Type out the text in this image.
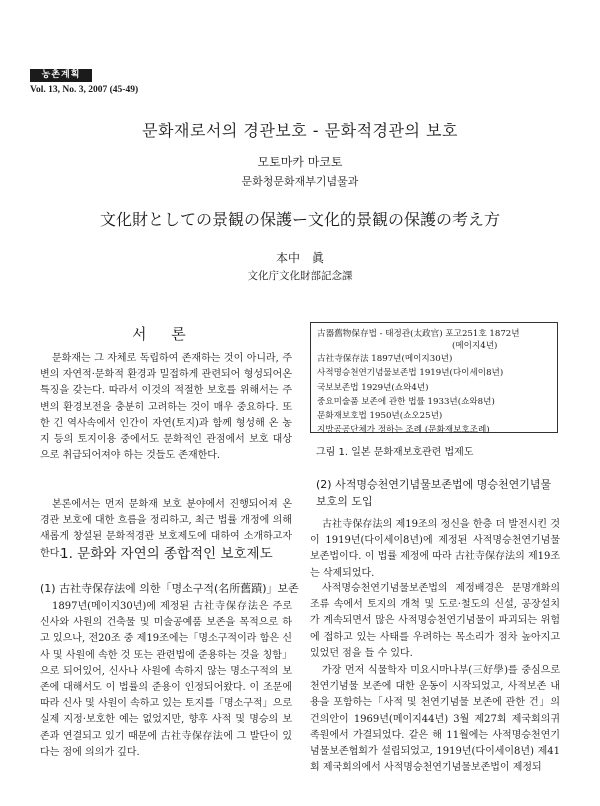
농촌계획
Vol. 13, No. 3, 2007 (45-49)
문화재로서의 경관보호 - 문화적경관의 보호
모토마카 마코토
문화청문화재부기념물과
文化財としての景観の保護ー文化的景観の保護の考え方
本中　眞
文化庁文化財部記念課
서 론
문화재는 그 자체로 독립하여 존재하는 것이 아니라, 주변의 자연적·문화적 환경과 밀접하게 관련되어 형성되어온 특징을 갖는다. 따라서 이것의 적절한 보호를 위해서는 주변의 환경보전을 충분히 고려하는 것이 매우 중요하다. 또한 긴 역사속에서 인간이 자연(토지)과 함께 형성해 온 농지 등의 토지이용 중에서도 문화적인 관점에서 보호 대상으로 취급되어져야 하는 것들도 존재한다.
본론에서는 먼저 문화재 보호 분야에서 진행되어져 온 경관 보호에 대한 흐름을 정리하고, 최근 법률 개정에 의해 새롭게 창설된 문화적경관 보호제도에 대하여 소개하고자 한다.
1. 문화와 자연의 종합적인 보호제도
(1) 古社寺保存法에 의한「명소구적(名所舊蹟)」보존
1897년(메이지30년)에 제정된 古社寺保存法은 주로 신사와 사원의 건축물 및 미술공예품 보존을 목적으로 하고 있으나, 전20조 중 제19조에는「명소구적이라 함은 신사 및 사원에 속한 것 또는 관련법에 준용하는 것을 칭함」으로 되어있어, 신사나 사원에 속하지 않는 명소구적의 보존에 대해서도 이 법률의 준용이 인정되어왔다. 이 조문에 따라 신사 및 사원이 속하고 있는 토지를「명소구적」으로 실제 지정·보호한 예는 없었지만, 향후 사적 및 명승의 보존과 연결되고 있기 때문에 古社寺保存法에 그 발단이 있다는 점에 의의가 깊다.
古器舊物保存법 - 태정관(太政官) 포고251호 1872년
(메이지4년)
古社寺保存法 1897년(메이지30년)
사적명승천연기념물보존법 1919년(다이세이8년)
국보보존법 1929년(쇼와4년)
중요미술품 보존에 관한 법률 1933년(쇼와8년)
문화재보호법 1950년(쇼오25년)
지방공공단체가 정하는 조례 (문화재보호조례)
그림 1. 일본 문화재보호관련 법제도
(2) 사적명승천연기념물보존법에 명승천연기념물 보호의 도입
古社寺保存法의 제19조의 정신을 한층 더 발전시킨 것이 1919년(다이세이8년)에 제정된 사적명승천연기념물보존법이다. 이 법률 제정에 따라 古社寺保存法의 제19조는 삭제되었다.
사적명승천연기념물보존법의 제정배경은 문명개화의 조류 속에서 토지의 개척 및 도로·철도의 신설, 공장설치가 계속되면서 많은 사적명승천연기념물이 파괴되는 위험에 접하고 있는 사태를 우려하는 목소리가 점차 높아지고 있었던 점을 들 수 있다.
가장 먼저 식물학자 미요시마나부(三好學)를 중심으로 천연기념물 보존에 대한 운동이 시작되었고, 사적보존 내용을 포함하는「사적 및 천연기념물 보존에 관한 건」의 건의안이 1969년(메이지44년) 3월 제27회 제국회의귀족원에서 가결되었다. 같은 해 11월에는 사적명승천연기념물보존협회가 설립되었고, 1919년(다이세이8년) 제41회 제국회의에서 사적명승천연기념물보존법이 제정되
